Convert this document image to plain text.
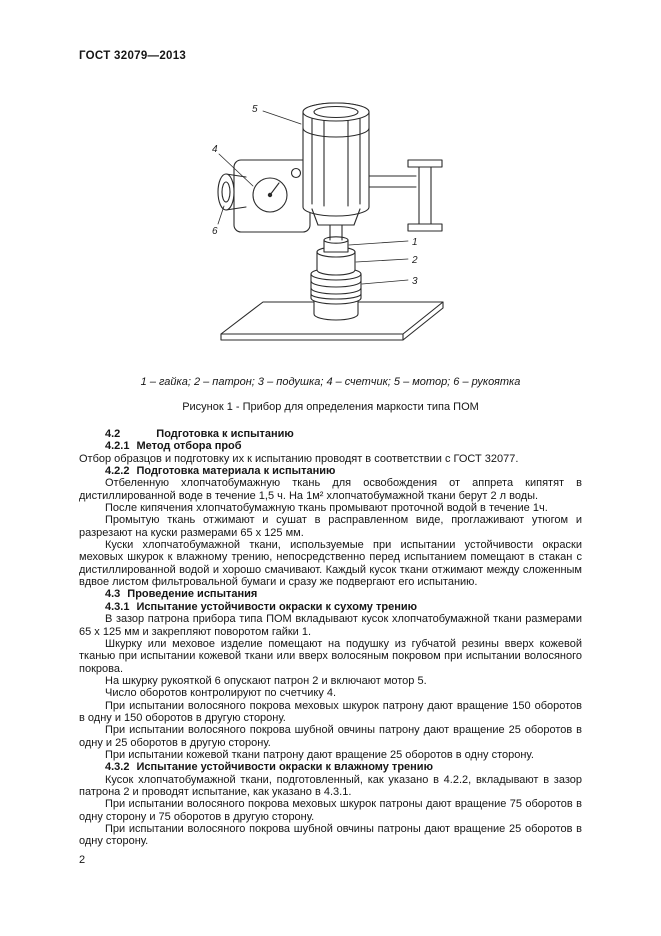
ГОСТ 32079—2013
5
4
6
1
2
3

1 – гайка; 2 – патрон; 3 – подушка; 4 – счетчик; 5 – мотор; 6 – рукоятка

Рисунок 1 - Прибор для определения маркости типа ПОМ

4.2	Подготовка к испытанию

4.2.1 Метод отбора проб

Отбор образцов и подготовку их к испытанию проводят в соответствии с ГОСТ 32077.

4.2.2 Подготовка материала к испытанию

Отбеленную хлопчатобумажную ткань для освобождения от аппрета кипятят в дистиллированной воде в течение 1,5 ч. На 1м² хлопчатобумажной ткани берут 2 л воды.

После кипячения хлопчатобумажную ткань промывают проточной водой в течение 1ч.

Промытую ткань отжимают и сушат в расправленном виде, проглаживают утюгом и разрезают на куски размерами 65 х 125 мм.

Куски хлопчатобумажной ткани, используемые при испытании устойчивости окраски меховых шкурок к влажному трению, непосредственно перед испытанием помещают в стакан с дистиллированной водой и хорошо смачивают. Каждый кусок ткани отжимают между сложенным вдвое листом фильтровальной бумаги и сразу же подвергают его испытанию.

4.3 Проведение испытания

4.3.1 Испытание устойчивости окраски к сухому трению

В зазор патрона прибора типа ПОМ вкладывают кусок хлопчатобумажной ткани размерами 65 х 125 мм и закрепляют поворотом гайки 1.

Шкурку или меховое изделие помещают на подушку из губчатой резины вверх кожевой тканью при испытании кожевой ткани или вверх волосяным покровом при испытании волосяного покрова.

На шкурку рукояткой 6 опускают патрон 2 и включают мотор 5.

Число оборотов контролируют по счетчику 4.

При испытании волосяного покрова меховых шкурок патрону дают вращение 150 оборотов в одну и 150 оборотов в другую сторону.

При испытании волосяного покрова шубной овчины патрону дают вращение 25 оборотов в одну и 25 оборотов в другую сторону.

При испытании кожевой ткани патрону дают вращение 25 оборотов в одну сторону.

4.3.2 Испытание устойчивости окраски к влажному трению

Кусок хлопчатобумажной ткани, подготовленный, как указано в 4.2.2, вкладывают в зазор патрона 2 и проводят испытание, как указано в 4.3.1.

При испытании волосяного покрова меховых шкурок патроны дают вращение 75 оборотов в одну сторону и 75 оборотов в другую сторону.

При испытании волосяного покрова шубной овчины патроны дают вращение 25 оборотов в одну сторону.

2
